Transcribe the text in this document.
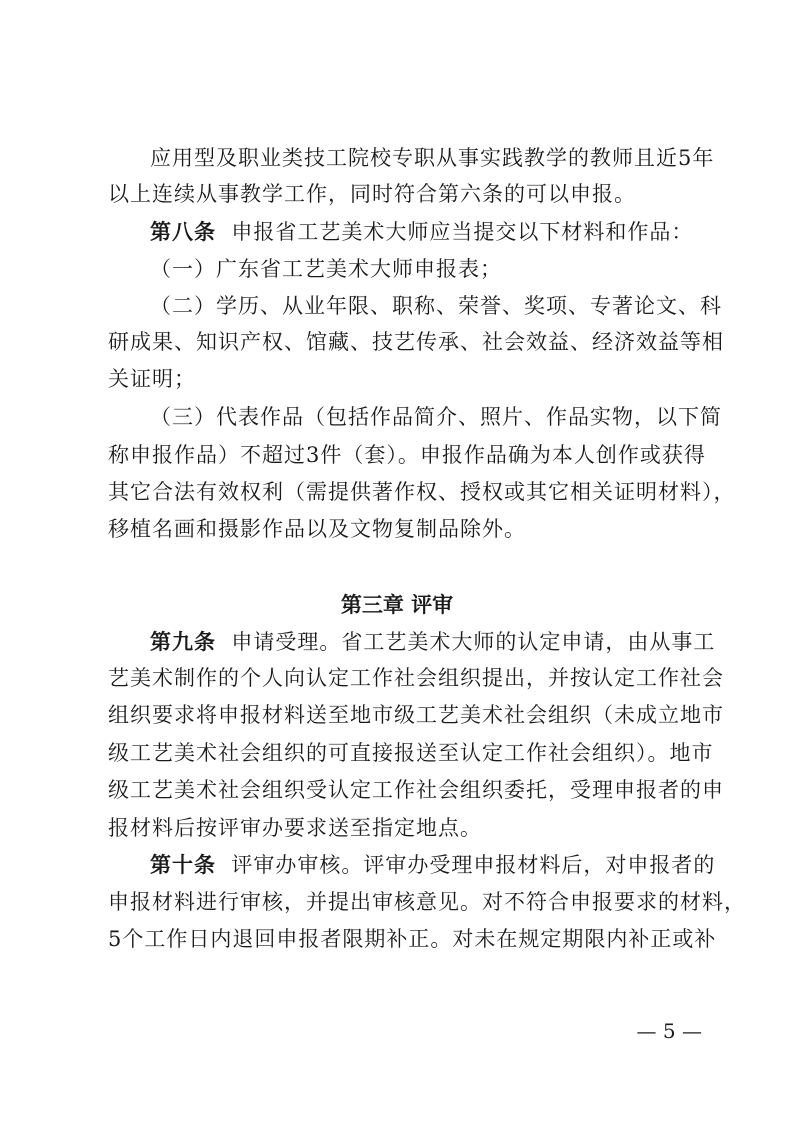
应用型及职业类技工院校专职从事实践教学的教师且近5年
以上连续从事教学工作，同时符合第六条的可以申报。
第八条 申报省工艺美术大师应当提交以下材料和作品：
（一）广东省工艺美术大师申报表；
（二）学历、从业年限、职称、荣誉、奖项、专著论文、科
研成果、知识产权、馆藏、技艺传承、社会效益、经济效益等相
关证明；
（三）代表作品（包括作品简介、照片、作品实物，以下简
称申报作品）不超过3件（套）。申报作品确为本人创作或获得
其它合法有效权利（需提供著作权、授权或其它相关证明材料），
移植名画和摄影作品以及文物复制品除外。
第三章 评审
第九条 申请受理。省工艺美术大师的认定申请，由从事工
艺美术制作的个人向认定工作社会组织提出，并按认定工作社会
组织要求将申报材料送至地市级工艺美术社会组织（未成立地市
级工艺美术社会组织的可直接报送至认定工作社会组织）。地市
级工艺美术社会组织受认定工作社会组织委托，受理申报者的申
报材料后按评审办要求送至指定地点。
第十条 评审办审核。评审办受理申报材料后，对申报者的
申报材料进行审核，并提出审核意见。对不符合申报要求的材料，
5个工作日内退回申报者限期补正。对未在规定期限内补正或补
— 5 —
